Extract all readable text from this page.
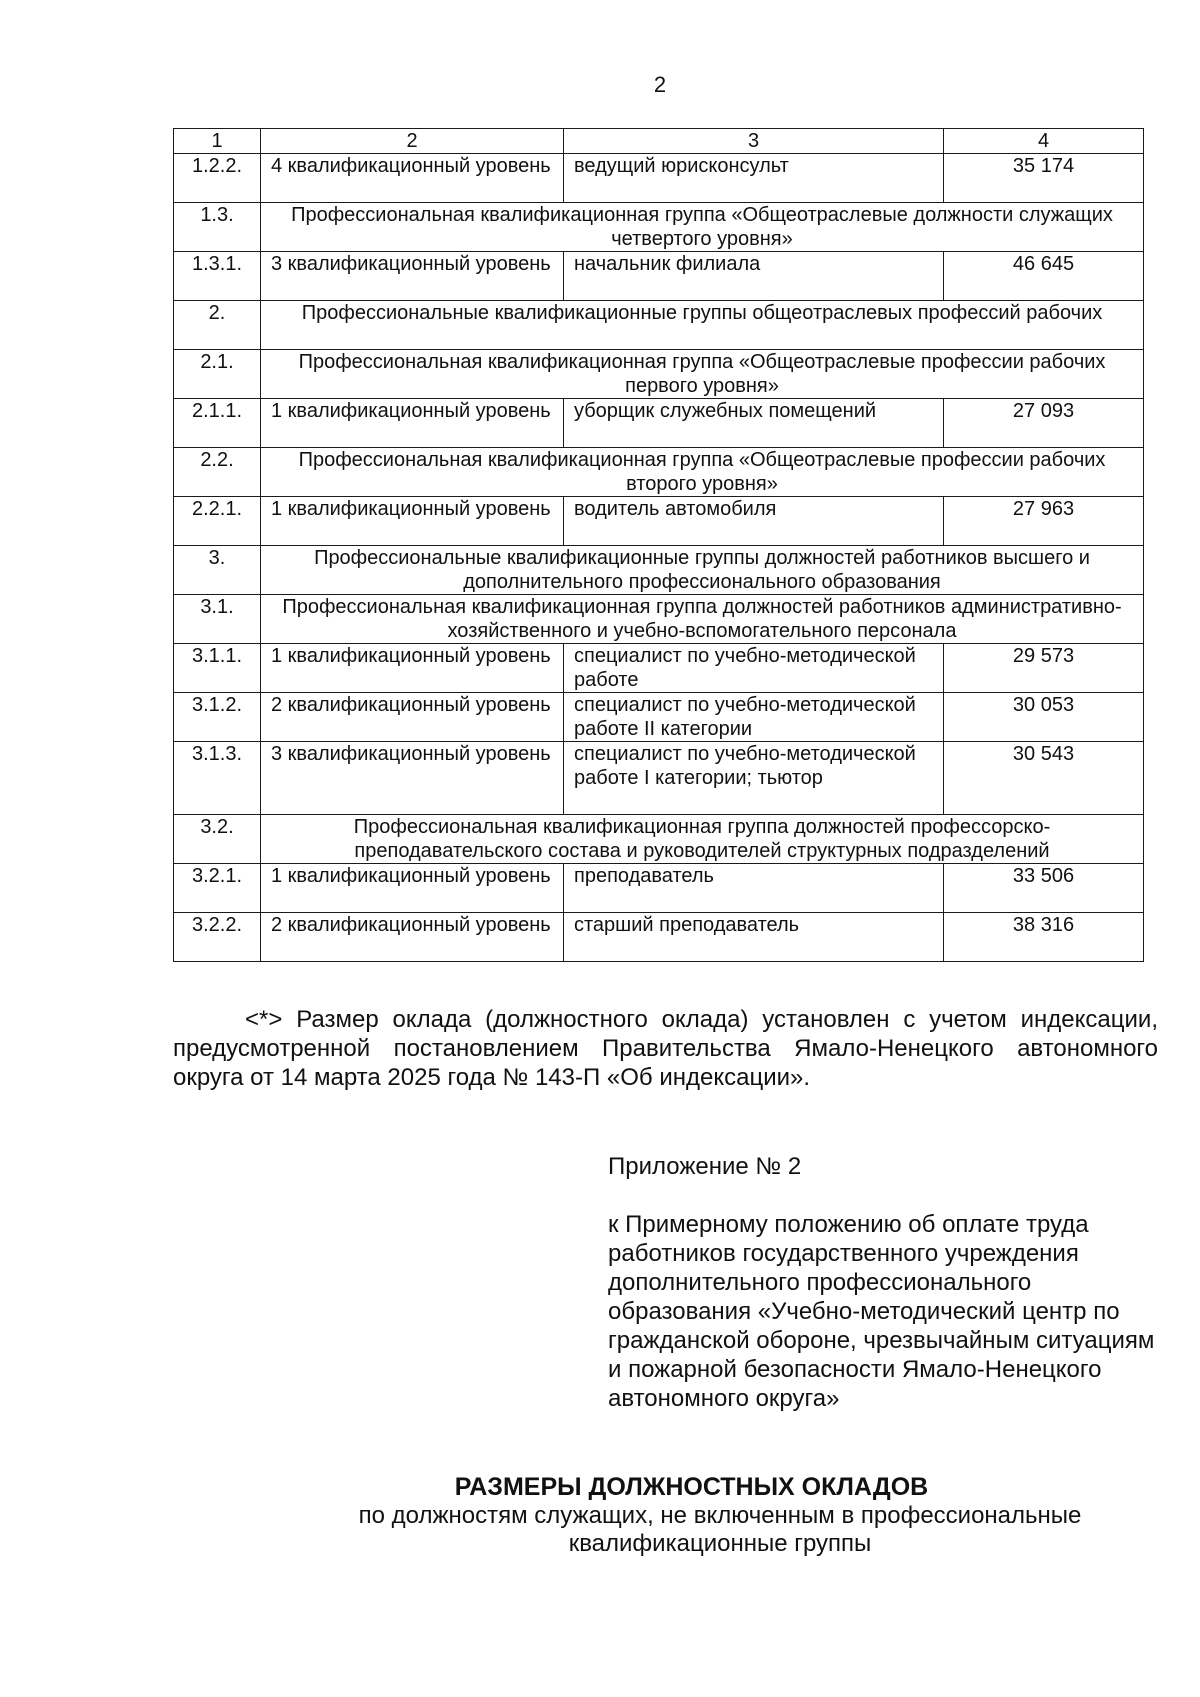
2
1	2	3	4
1.2.2.	4 квалификационный уровень	ведущий юрисконсульт	35 174
1.3.	Профессиональная квалификационная группа «Общеотраслевые должности служащих четвертого уровня»		
1.3.1.	3 квалификационный уровень	начальник филиала	46 645
2.	Профессиональные квалификационные группы общеотраслевых профессий рабочих		
2.1.	Профессиональная квалификационная группа «Общеотраслевые профессии рабочих первого уровня»		
2.1.1.	1 квалификационный уровень	уборщик служебных помещений	27 093
2.2.	Профессиональная квалификационная группа «Общеотраслевые профессии рабочих второго уровня»		
2.2.1.	1 квалификационный уровень	водитель автомобиля	27 963
3.	Профессиональные квалификационные группы должностей работников высшего и дополнительного профессионального образования		
3.1.	Профессиональная квалификационная группа должностей работников административно-хозяйственного и учебно-вспомогательного персонала		
3.1.1.	1 квалификационный уровень	специалист по учебно-методической работе	29 573
3.1.2.	2 квалификационный уровень	специалист по учебно-методической работе II категории	30 053
3.1.3.	3 квалификационный уровень	специалист по учебно-методической работе I категории; тьютор	30 543
3.2.	Профессиональная квалификационная группа должностей профессорско-преподавательского состава и руководителей структурных подразделений		
3.2.1.	1 квалификационный уровень	преподаватель	33 506
3.2.2.	2 квалификационный уровень	старший преподаватель	38 316

<*> Размер оклада (должностного оклада) установлен с учетом индексации, предусмотренной постановлением Правительства Ямало-Ненецкого автономного округа от 14 марта 2025 года № 143-П «Об индексации».

Приложение № 2

к Примерному положению об оплате труда работников государственного учреждения дополнительного профессионального образования «Учебно-методический центр по гражданской обороне, чрезвычайным ситуациям и пожарной безопасности Ямало-Ненецкого автономного округа»

РАЗМЕРЫ ДОЛЖНОСТНЫХ ОКЛАДОВ

по должностям служащих, не включенным в профессиональные квалификационные группы
